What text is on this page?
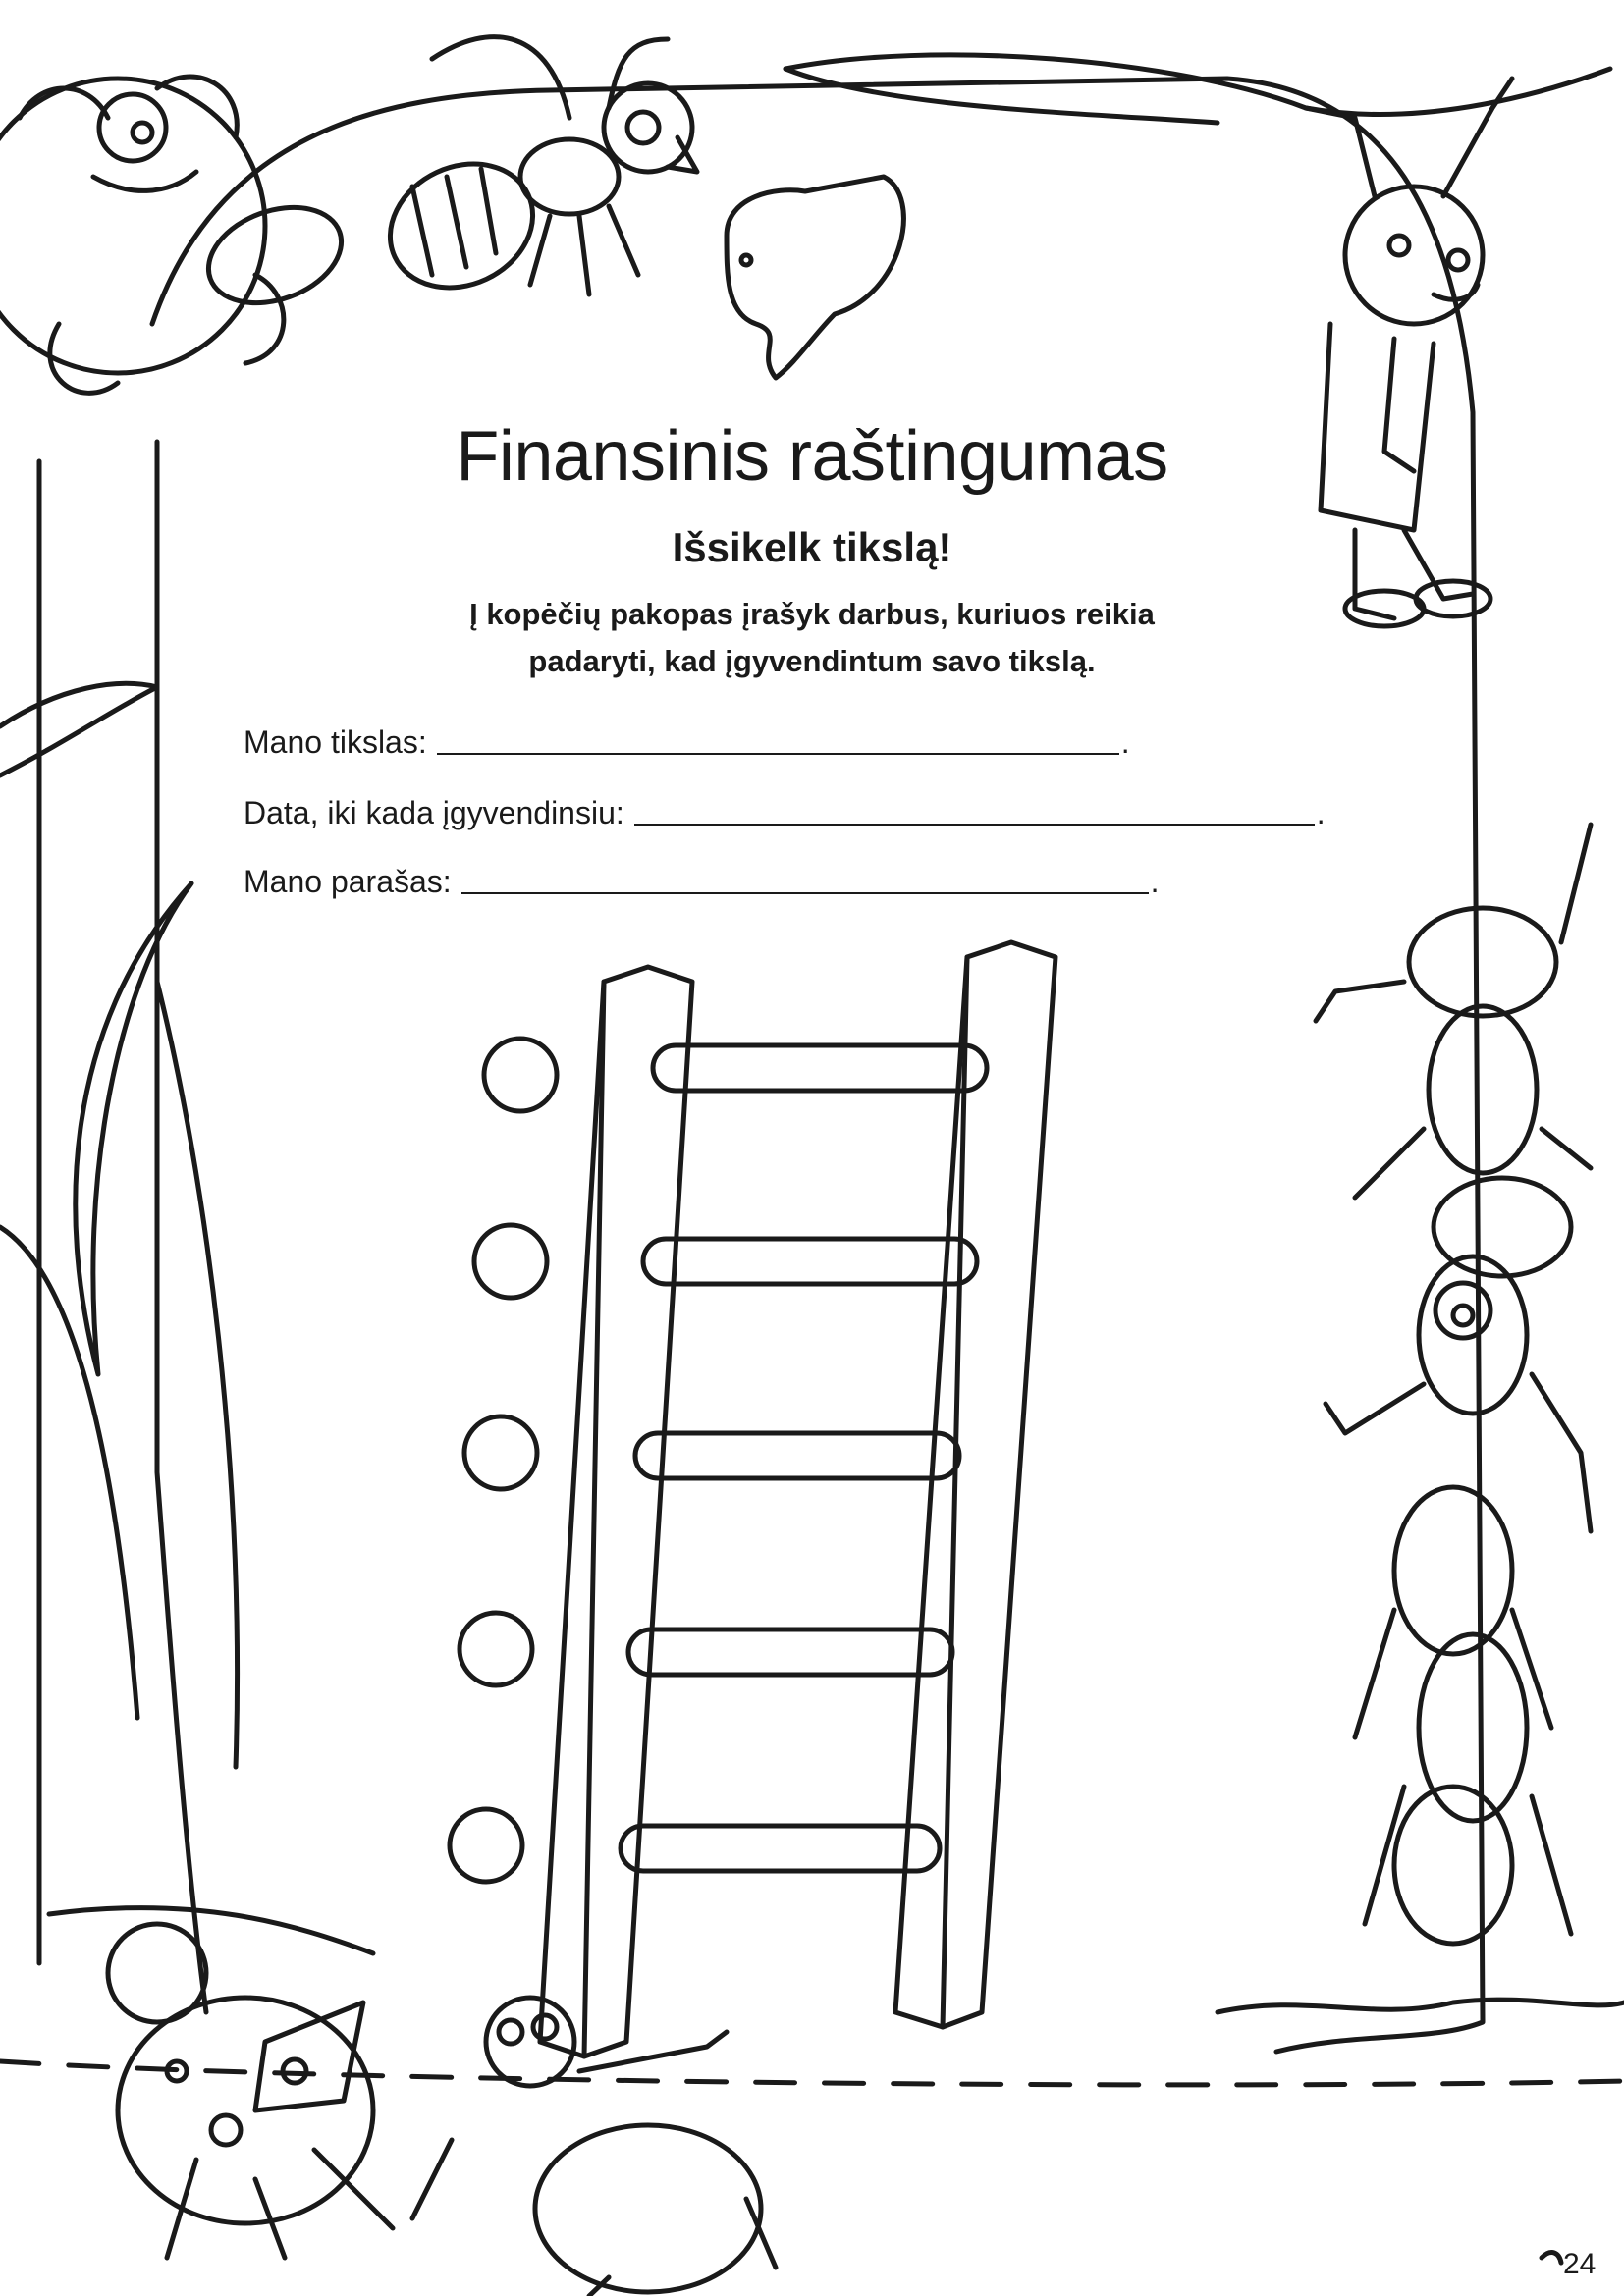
Finansinis raštingumas
Išsikelk tikslą!
Į kopėčių pakopas įrašyk darbus, kuriuos reikia
padaryti, kad įgyvendintum savo tikslą.
Mano tikslas:	.
Data, iki kada įgyvendinsiu:	.
Mano parašas:	.
24
